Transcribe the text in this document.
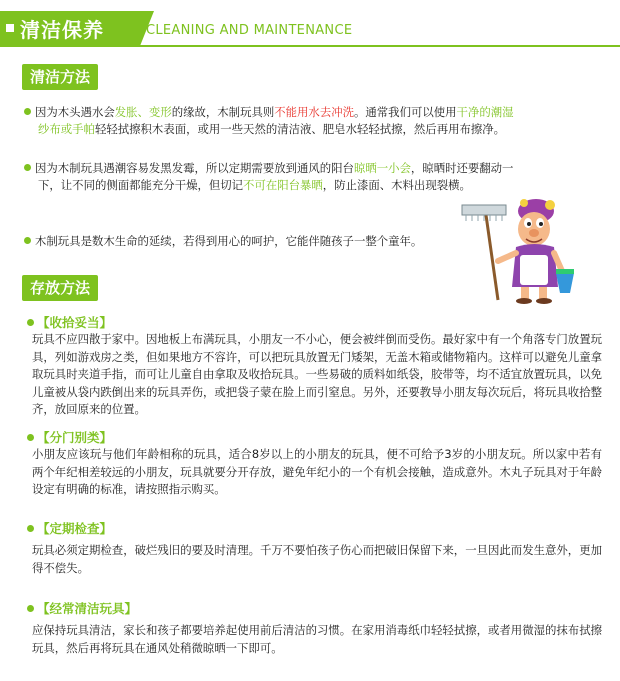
清洁保养	CLEANING AND MAINTENANCE
清洁方法
因为木头遇水会发胀、变形的缘故，木制玩具则不能用水去冲洗。通常我们可以使用干净的潮湿
纱布或手帕轻轻拭擦积木表面，或用一些天然的清洁液、肥皂水轻轻拭擦，然后再用布擦净。
因为木制玩具遇潮容易发黑发霉，所以定期需要放到通风的阳台晾晒一小会，晾晒时还要翻动一
下，让不同的侧面都能充分干燥，但切记不可在阳台暴晒，防止漆面、木料出现裂横。
木制玩具是数木生命的延续，若得到用心的呵护，它能伴随孩子一整个童年。
存放方法
【收拾妥当】
玩具不应四散于家中。因地板上布满玩具，小朋友一不小心，便会被绊倒而受伤。最好家中有一个角落专门放置玩具，列如游戏房之类，但如果地方不容许，可以把玩具放置无门矮架，无盖木箱或储物箱内。这样可以避免儿童拿取玩具时夹道手指，而可让儿童自由拿取及收拾玩具。一些易破的质料如纸袋，胶带等，均不适宜放置玩具，以免儿童被从袋内跌倒出来的玩具弄伤，或把袋子蒙在脸上而引窒息。另外，还要教导小朋友每次玩后，将玩具收拾整齐，放回原来的位置。
【分门别类】
小朋友应该玩与他们年龄相称的玩具，适合8岁以上的小朋友的玩具，便不可给予3岁的小朋友玩。所以家中若有两个年纪相差较远的小朋友，玩具就要分开存放，避免年纪小的一个有机会接触，造成意外。木丸子玩具对于年龄设定有明确的标准，请按照指示购买。
【定期检查】
玩具必须定期检查，破烂残旧的要及时清理。千万不要怕孩子伤心而把破旧保留下来，一旦因此而发生意外，更加得不偿失。
【经常清洁玩具】
应保持玩具清洁，家长和孩子都要培养起使用前后清洁的习惯。在家用消毒纸巾轻轻拭擦，或者用微湿的抹布拭擦玩具，然后再将玩具在通风处稍微晾晒一下即可。
